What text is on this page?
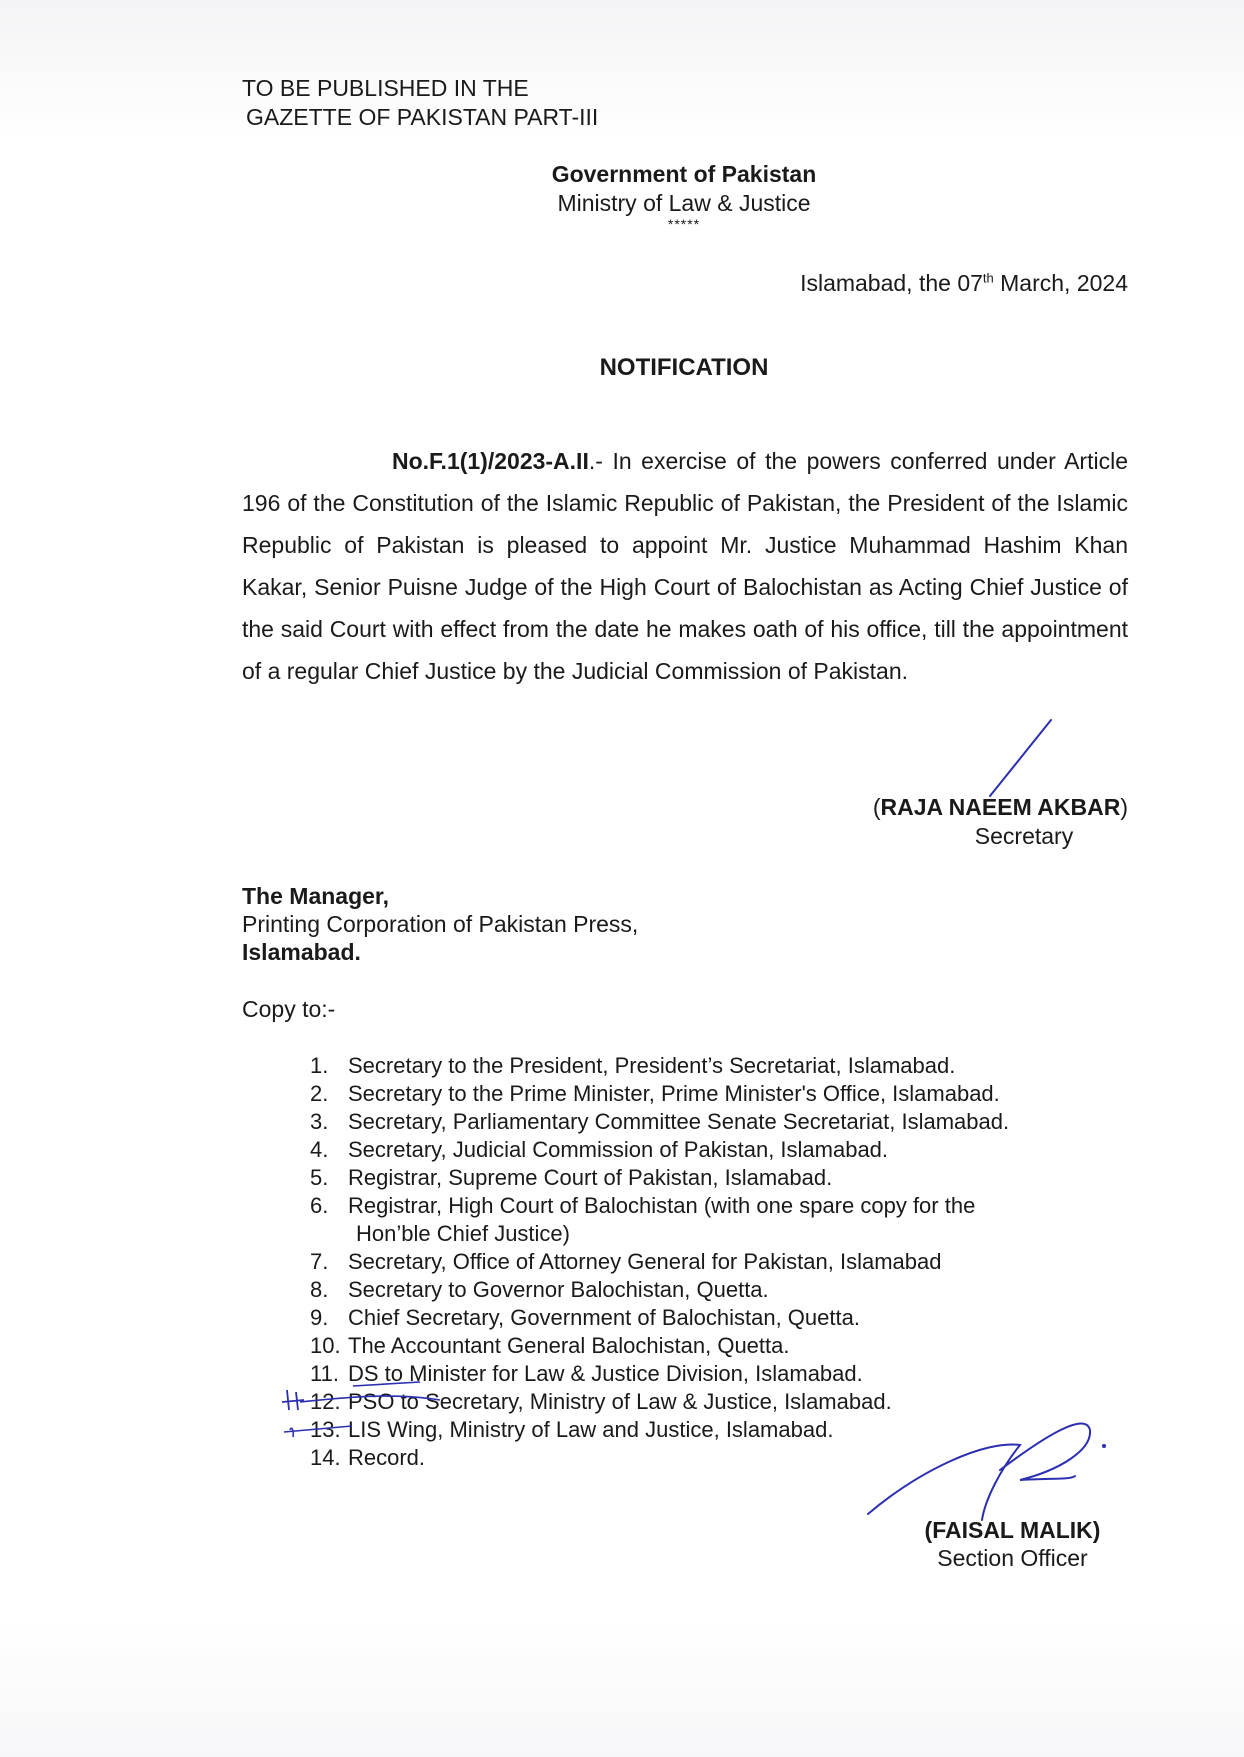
TO BE PUBLISHED IN THE
GAZETTE OF PAKISTAN PART-III
Government of Pakistan
Ministry of Law & Justice
*****
Islamabad, the 07th March, 2024
NOTIFICATION

No.F.1(1)/2023-A.II.- In exercise of the powers conferred under Article 196 of the Constitution of the Islamic Republic of Pakistan, the President of the Islamic Republic of Pakistan is pleased to appoint Mr. Justice Muhammad Hashim Khan Kakar, Senior Puisne Judge of the High Court of Balochistan as Acting Chief Justice of the said Court with effect from the date he makes oath of his office, till the appointment of a regular Chief Justice by the Judicial Commission of Pakistan.

(RAJA NAEEM AKBAR)
Secretary
The Manager,
Printing Corporation of Pakistan Press,
Islamabad.
Copy to:-
1. Secretary to the President, President’s Secretariat, Islamabad.
2. Secretary to the Prime Minister, Prime Minister's Office, Islamabad.
3. Secretary, Parliamentary Committee Senate Secretariat, Islamabad.
4. Secretary, Judicial Commission of Pakistan, Islamabad.
5. Registrar, Supreme Court of Pakistan, Islamabad.
6. Registrar, High Court of Balochistan (with one spare copy for the
Hon’ble Chief Justice)
7. Secretary, Office of Attorney General for Pakistan, Islamabad
8. Secretary to Governor Balochistan, Quetta.
9. Chief Secretary, Government of Balochistan, Quetta.
10. The Accountant General Balochistan, Quetta.
11. DS to Minister for Law & Justice Division, Islamabad.
12. PSO to Secretary, Ministry of Law & Justice, Islamabad.
13. LIS Wing, Ministry of Law and Justice, Islamabad.
14. Record.
(FAISAL MALIK)
Section Officer
